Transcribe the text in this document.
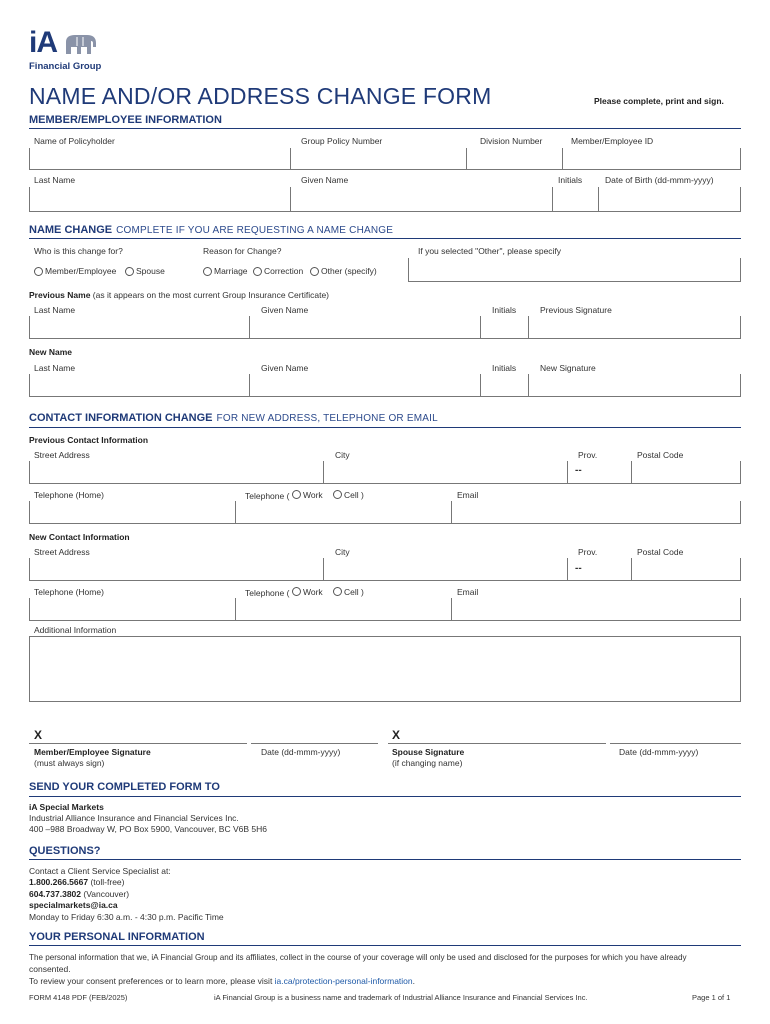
iA
Financial Group
NAME AND/OR ADDRESS CHANGE FORM	Please complete, print and sign.
MEMBER/EMPLOYEE INFORMATION
Name of Policyholder	Group Policy Number	Division Number	Member/Employee ID
Last Name	Given Name	Initials	Date of Birth (dd-mmm-yyyy)
NAME CHANGE COMPLETE IF YOU ARE REQUESTING A NAME CHANGE
Who is this change for?	Reason for Change?	If you selected "Other", please specify
Member/Employee Spouse	Marriage Correction Other (specify)
Previous Name (as it appears on the most current Group Insurance Certificate)
Last Name	Given Name	Initials	Previous Signature
New Name
Last Name	Given Name	Initials	New Signature
CONTACT INFORMATION CHANGE FOR NEW ADDRESS, TELEPHONE OR EMAIL
Previous Contact Information
Street Address	City	Prov.	Postal Code
--
Telephone (Home)	Telephone ( Work	Cell )	Email
New Contact Information
Street Address	City	Prov.	Postal Code
--
Telephone (Home)	Telephone ( Work	Cell )	Email
Additional Information
X
Member/Employee Signature
(must always sign)
Date (dd-mmm-yyyy)
X
Spouse Signature
(if changing name)
Date (dd-mmm-yyyy)
SEND YOUR COMPLETED FORM TO
iA Special Markets
Industrial Alliance Insurance and Financial Services Inc.
400 –988 Broadway W, PO Box 5900, Vancouver, BC V6B 5H6
QUESTIONS?
Contact a Client Service Specialist at:
1.800.266.5667 (toll-free)
604.737.3802 (Vancouver)
specialmarkets@ia.ca
Monday to Friday 6:30 a.m. - 4:30 p.m. Pacific Time
YOUR PERSONAL INFORMATION
The personal information that we, iA Financial Group and its affiliates, collect in the course of your coverage will only be used and disclosed for the purposes for which you have already
consented.
To review your consent preferences or to learn more, please visit ia.ca/protection-personal-information.
FORM 4148 PDF (FEB/2025)	iA Financial Group is a business name and trademark of Industrial Alliance Insurance and Financial Services Inc.	Page 1 of 1
